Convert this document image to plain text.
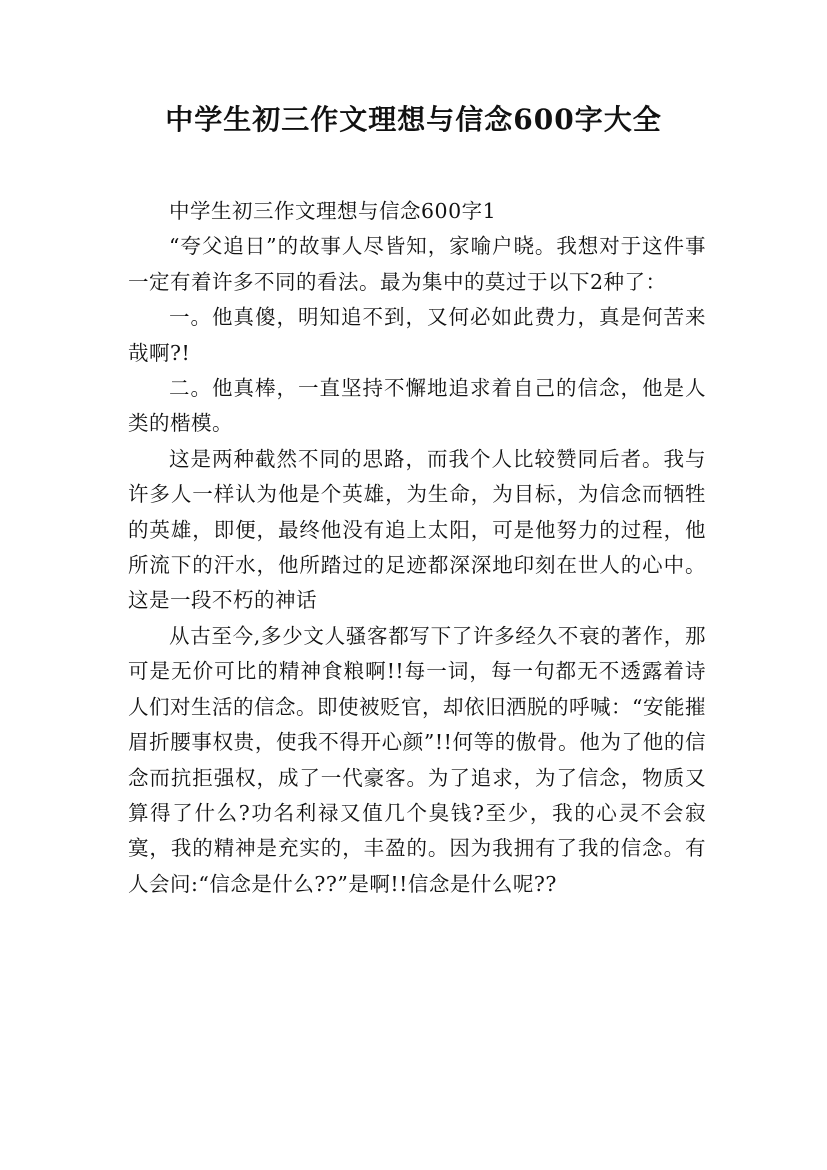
中学生初三作文理想与信念600字大全

中学生初三作文理想与信念600字1

“夸父追日”的故事人尽皆知，家喻户晓。我想对于这件事一定有着许多不同的看法。最为集中的莫过于以下2种了：

一。他真傻，明知追不到，又何必如此费力，真是何苦来哉啊?!

二。他真棒，一直坚持不懈地追求着自己的信念，他是人类的楷模。

这是两种截然不同的思路，而我个人比较赞同后者。我与许多人一样认为他是个英雄，为生命，为目标，为信念而牺牲的英雄，即便，最终他没有追上太阳，可是他努力的过程，他所流下的汗水，他所踏过的足迹都深深地印刻在世人的心中。这是一段不朽的神话

从古至今,多少文人骚客都写下了许多经久不衰的著作，那可是无价可比的精神食粮啊!!每一词，每一句都无不透露着诗人们对生活的信念。即使被贬官，却依旧洒脱的呼喊：“安能摧眉折腰事权贵，使我不得开心颜”!!何等的傲骨。他为了他的信念而抗拒强权，成了一代豪客。为了追求，为了信念，物质又算得了什么?功名利禄又值几个臭钱?至少，我的心灵不会寂寞，我的精神是充实的，丰盈的。因为我拥有了我的信念。有人会问:“信念是什么??”是啊!!信念是什么呢??
